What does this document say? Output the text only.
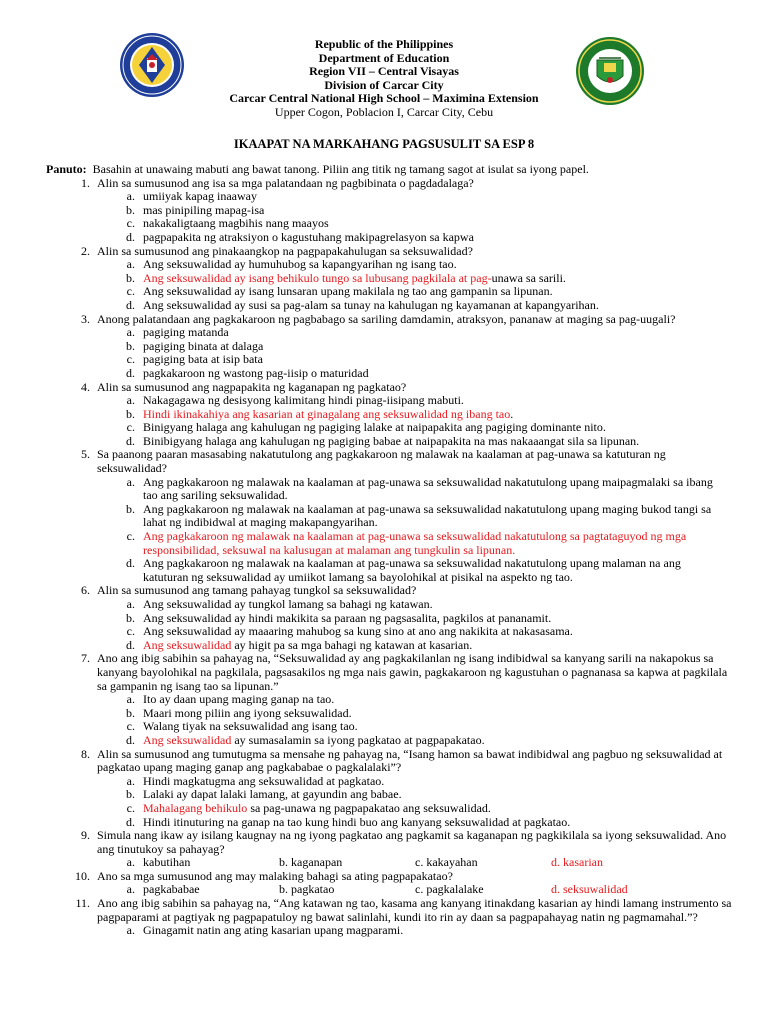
Republic of the Philippines
Department of Education
Region VII – Central Visayas
Division of Carcar City
Carcar Central National High School – Maximina Extension
Upper Cogon, Poblacion I, Carcar City, Cebu
IKAAPAT NA MARKAHANG PAGSUSULIT SA ESP 8
Panuto: Basahin at unawaing mabuti ang bawat tanong. Piliin ang titik ng tamang sagot at isulat sa iyong papel.
1. Alin sa sumusunod ang isa sa mga palatandaan ng pagbibinata o pagdadalaga?
a. umiiyak kapag inaaway
b. mas pinipiling mapag-isa
c. nakakaligtaang magbihis nang maayos
d. pagpapakita ng atraksiyon o kagustuhang makipagrelasyon sa kapwa
2. Alin sa sumusunod ang pinakaangkop na pagpapakahulugan sa seksuwalidad?
a. Ang seksuwalidad ay humuhubog sa kapangyarihan ng isang tao.
b. Ang seksuwalidad ay isang behikulo tungo sa lubusang pagkilala at pag-unawa sa sarili.
c. Ang seksuwalidad ay isang lunsaran upang makilala ng tao ang gampanin sa lipunan.
d. Ang seksuwalidad ay susi sa pag-alam sa tunay na kahulugan ng kayamanan at kapangyarihan.
3. Anong palatandaan ang pagkakaroon ng pagbabago sa sariling damdamin, atraksyon, pananaw at maging sa pag-uugali?
a. pagiging matanda
b. pagiging binata at dalaga
c. pagiging bata at isip bata
d. pagkakaroon ng wastong pag-iisip o maturidad
4. Alin sa sumusunod ang nagpapakita ng kaganapan ng pagkatao?
a. Nakagagawa ng desisyong kalimitang hindi pinag-iisipang mabuti.
b. Hindi ikinakahiya ang kasarian at ginagalang ang seksuwalidad ng ibang tao.
c. Binigyang halaga ang kahulugan ng pagiging lalake at naipapakita ang pagiging dominante nito.
d. Binibigyang halaga ang kahulugan ng pagiging babae at naipapakita na mas nakaaangat sila sa lipunan.
5. Sa paanong paaran masasabing nakatutulong ang pagkakaroon ng malawak na kaalaman at pag-unawa sa katuturan ng seksuwalidad?
a. Ang pagkakaroon ng malawak na kaalaman at pag-unawa sa seksuwalidad nakatutulong upang maipagmalaki sa ibang tao ang sariling seksuwalidad.
b. Ang pagkakaroon ng malawak na kaalaman at pag-unawa sa seksuwalidad nakatutulong upang maging bukod tangi sa lahat ng indibidwal at maging makapangyarihan.
c. Ang pagkakaroon ng malawak na kaalaman at pag-unawa sa seksuwalidad nakatutulong sa pagtataguyod ng mga responsibilidad, seksuwal na kalusugan at malaman ang tungkulin sa lipunan.
d. Ang pagkakaroon ng malawak na kaalaman at pag-unawa sa seksuwalidad nakatutulong upang malaman na ang katuturan ng seksuwalidad ay umiikot lamang sa bayolohikal at pisikal na aspekto ng tao.
6. Alin sa sumusunod ang tamang pahayag tungkol sa seksuwalidad?
a. Ang seksuwalidad ay tungkol lamang sa bahagi ng katawan.
b. Ang seksuwalidad ay hindi makikita sa paraan ng pagsasalita, pagkilos at pananamit.
c. Ang seksuwalidad ay maaaring mahubog sa kung sino at ano ang nakikita at nakasasama.
d. Ang seksuwalidad ay higit pa sa mga bahagi ng katawan at kasarian.
7. Ano ang ibig sabihin sa pahayag na, “Seksuwalidad ay ang pagkakilanlan ng isang indibidwal sa kanyang sarili na nakapokus sa kanyang bayolohikal na pagkilala, pagsasakilos ng mga nais gawin, pagkakaroon ng kagustuhan o pagnanasa sa kapwa at pagkilala sa gampanin ng isang tao sa lipunan.”
a. Ito ay daan upang maging ganap na tao.
b. Maari mong piliin ang iyong seksuwalidad.
c. Walang tiyak na seksuwalidad ang isang tao.
d. Ang seksuwalidad ay sumasalamin sa iyong pagkatao at pagpapakatao.
8. Alin sa sumusunod ang tumutugma sa mensahe ng pahayag na, “Isang hamon sa bawat indibidwal ang pagbuo ng seksuwalidad at pagkatao upang maging ganap ang pagkababae o pagkalalaki”?
a. Hindi magkatugma ang seksuwalidad at pagkatao.
b. Lalaki ay dapat lalaki lamang, at gayundin ang babae.
c. Mahalagang behikulo sa pag-unawa ng pagpapakatao ang seksuwalidad.
d. Hindi itinuturing na ganap na tao kung hindi buo ang kanyang seksuwalidad at pagkatao.
9. Simula nang ikaw ay isilang kaugnay na ng iyong pagkatao ang pagkamit sa kaganapan ng pagkikilala sa iyong seksuwalidad. Ano ang tinutukoy sa pahayag?
a. kabutihan	b. kaganapan	c. kakayahan	d. kasarian
10. Ano sa mga sumusunod ang may malaking bahagi sa ating pagpapakatao?
a. pagkababae	b. pagkatao	c. pagkalalake	d. seksuwalidad
11. Ano ang ibig sabihin sa pahayag na, “Ang katawan ng tao, kasama ang kanyang itinakdang kasarian ay hindi lamang instrumento sa pagpaparami at pagtiyak ng pagpapatuloy ng bawat salinlahi, kundi ito rin ay daan sa pagpapahayag natin ng pagmamahal.”?
a. Ginagamit natin ang ating kasarian upang magparami.
